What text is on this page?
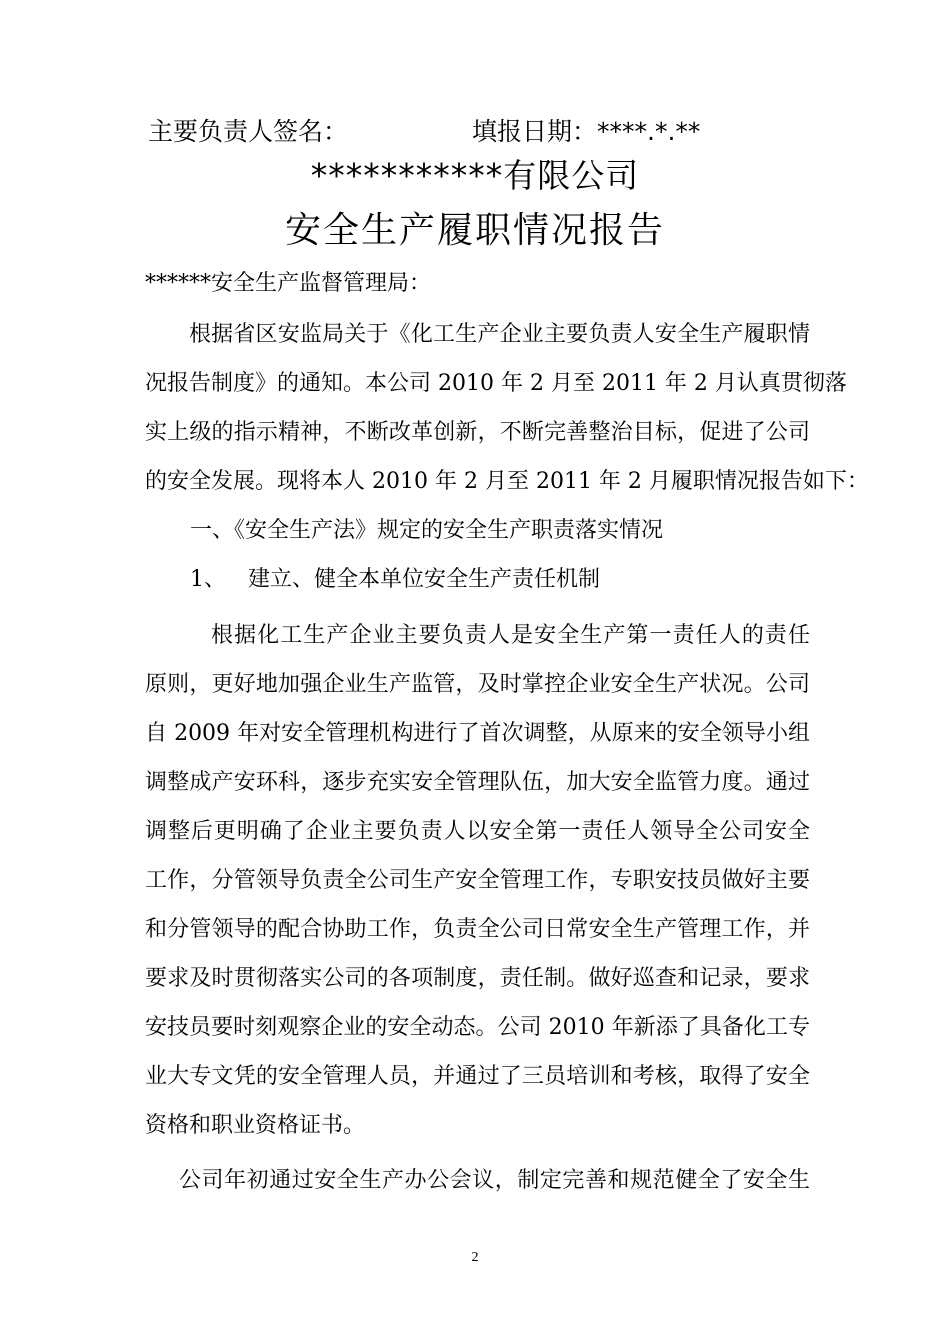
主要负责人签名：	填报日期：****.*.**
***********有限公司
安全生产履职情况报告
******安全生产监督管理局：
根据省区安监局关于《化工生产企业主要负责人安全生产履职情
况报告制度》的通知。本公司 2010 年 2 月至 2011 年 2 月认真贯彻落
实上级的指示精神，不断改革创新，不断完善整治目标，促进了公司
的安全发展。现将本人 2010 年 2 月至 2011 年 2 月履职情况报告如下：
一、《安全生产法》规定的安全生产职责落实情况
1、 建立、健全本单位安全生产责任机制
根据化工生产企业主要负责人是安全生产第一责任人的责任
原则，更好地加强企业生产监管，及时掌控企业安全生产状况。公司
自 2009 年对安全管理机构进行了首次调整，从原来的安全领导小组
调整成产安环科，逐步充实安全管理队伍，加大安全监管力度。通过
调整后更明确了企业主要负责人以安全第一责任人领导全公司安全
工作，分管领导负责全公司生产安全管理工作，专职安技员做好主要
和分管领导的配合协助工作，负责全公司日常安全生产管理工作，并
要求及时贯彻落实公司的各项制度，责任制。做好巡查和记录，要求
安技员要时刻观察企业的安全动态。公司 2010 年新添了具备化工专
业大专文凭的安全管理人员，并通过了三员培训和考核，取得了安全
资格和职业资格证书。
公司年初通过安全生产办公会议，制定完善和规范健全了安全生
2
